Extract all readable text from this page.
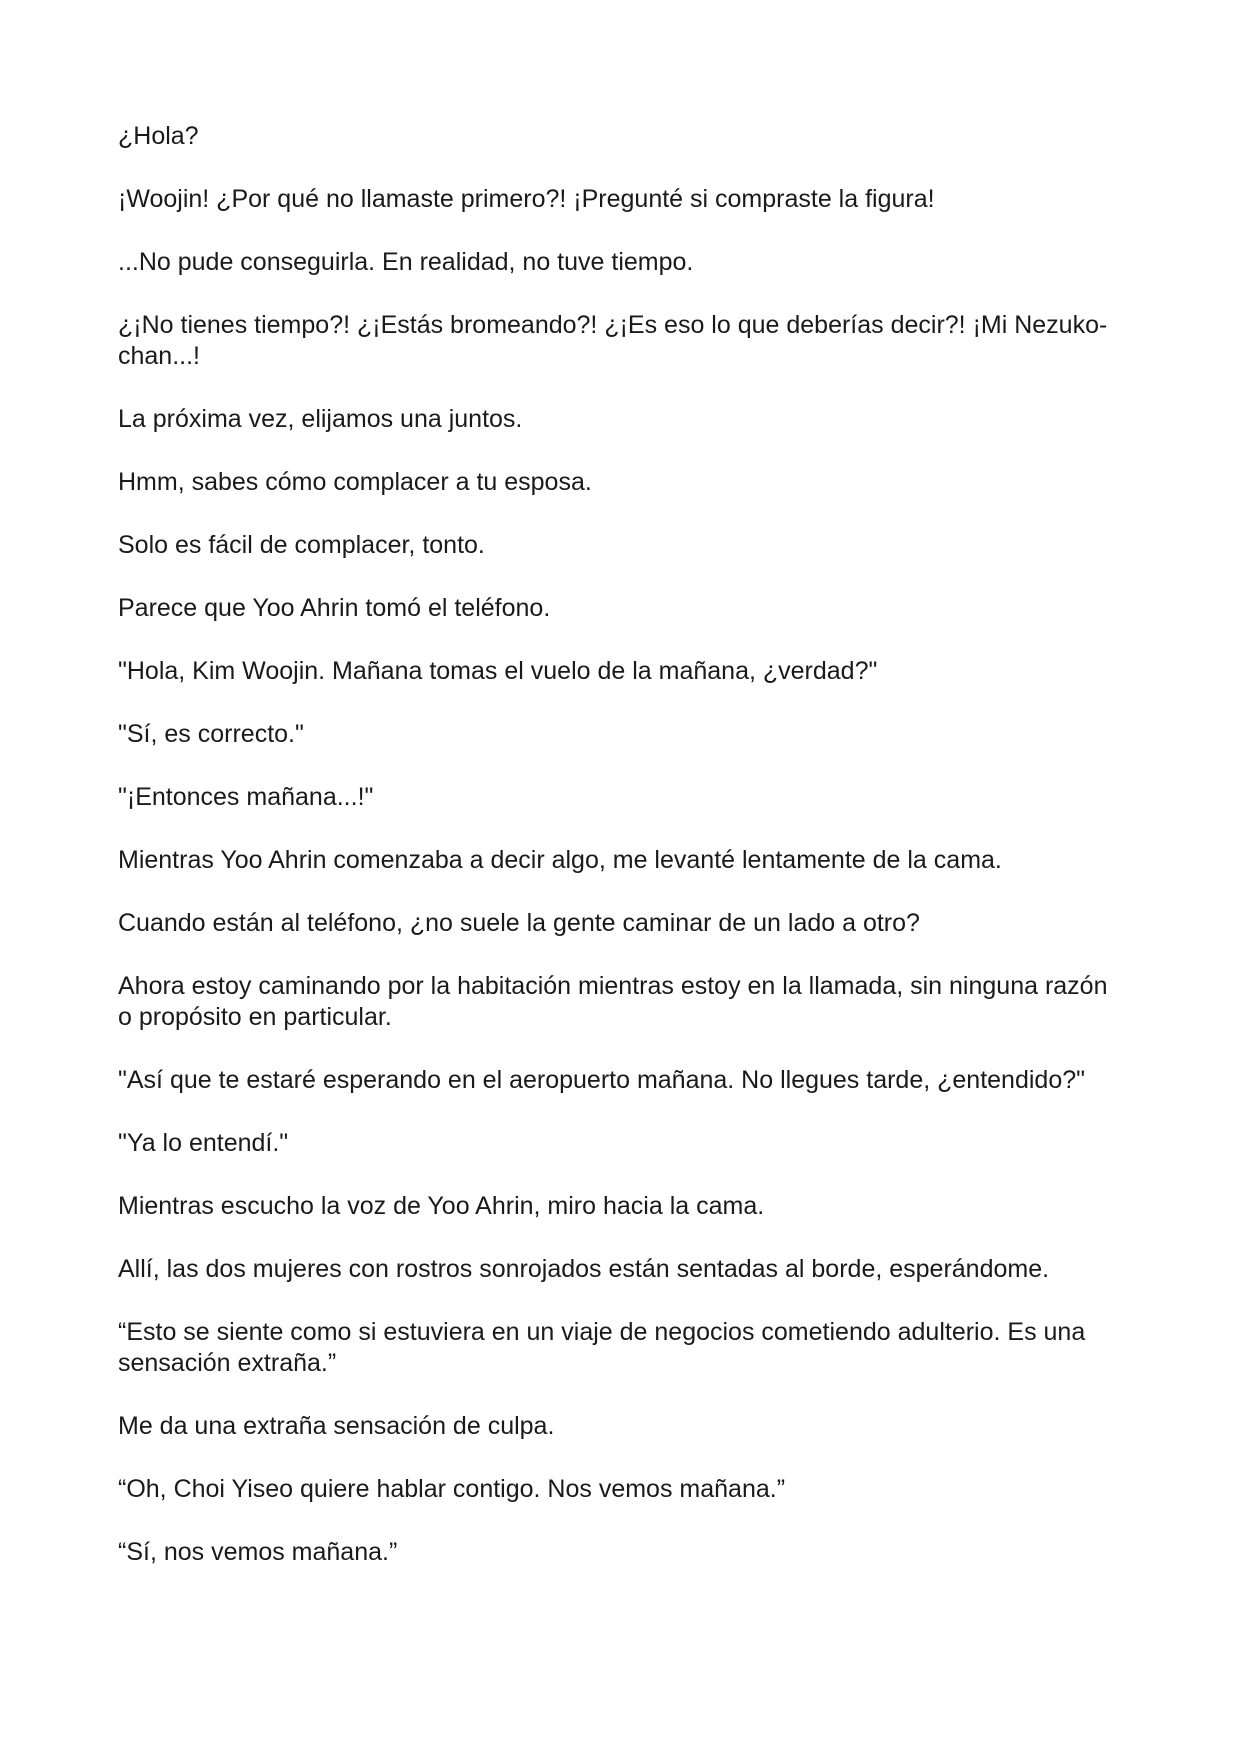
¿Hola?

¡Woojin! ¿Por qué no llamaste primero?! ¡Pregunté si compraste la figura!

...No pude conseguirla. En realidad, no tuve tiempo.

¿¡No tienes tiempo?! ¿¡Estás bromeando?! ¿¡Es eso lo que deberías decir?! ¡Mi Nezuko-chan...!

La próxima vez, elijamos una juntos.

Hmm, sabes cómo complacer a tu esposa.

Solo es fácil de complacer, tonto.

Parece que Yoo Ahrin tomó el teléfono.

"Hola, Kim Woojin. Mañana tomas el vuelo de la mañana, ¿verdad?"

"Sí, es correcto."

"¡Entonces mañana...!"

Mientras Yoo Ahrin comenzaba a decir algo, me levanté lentamente de la cama.

Cuando están al teléfono, ¿no suele la gente caminar de un lado a otro?

Ahora estoy caminando por la habitación mientras estoy en la llamada, sin ninguna razón o propósito en particular.

"Así que te estaré esperando en el aeropuerto mañana. No llegues tarde, ¿entendido?"

"Ya lo entendí."

Mientras escucho la voz de Yoo Ahrin, miro hacia la cama.

Allí, las dos mujeres con rostros sonrojados están sentadas al borde, esperándome.

“Esto se siente como si estuviera en un viaje de negocios cometiendo adulterio. Es una sensación extraña.”

Me da una extraña sensación de culpa.

“Oh, Choi Yiseo quiere hablar contigo. Nos vemos mañana.”

“Sí, nos vemos mañana.”
